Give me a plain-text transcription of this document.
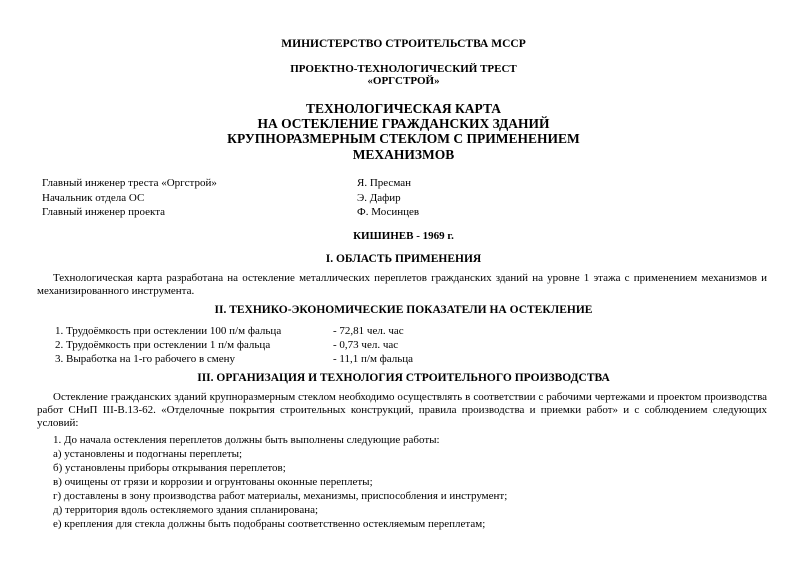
МИНИСТЕРСТВО СТРОИТЕЛЬСТВА МССР
ПРОЕКТНО-ТЕХНОЛОГИЧЕСКИЙ ТРЕСТ
«ОРГСТРОЙ»
ТЕХНОЛОГИЧЕСКАЯ КАРТА
НА ОСТЕКЛЕНИЕ ГРАЖДАНСКИХ ЗДАНИЙ
КРУПНОРАЗМЕРНЫМ СТЕКЛОМ С ПРИМЕНЕНИЕМ
МЕХАНИЗМОВ
Главный инженер треста «Оргстрой»	Я. Пресман
Начальник отдела ОС	Э. Дафир
Главный инженер проекта	Ф. Мосинцев
КИШИНЕВ - 1969 г.
I. ОБЛАСТЬ ПРИМЕНЕНИЯ
Технологическая карта разработана на остекление металлических переплетов гражданских зданий на уровне 1 этажа с применением механизмов и механизированного инструмента.
II. ТЕХНИКО-ЭКОНОМИЧЕСКИЕ ПОКАЗАТЕЛИ НА ОСТЕКЛЕНИЕ
1. Трудоёмкость при остеклении 100 п/м фальца	- 72,81 чел. час
2. Трудоёмкость при остеклении 1 п/м фальца	- 0,73 чел. час
3. Выработка на 1-го рабочего в смену	- 11,1 п/м фальца
III. ОРГАНИЗАЦИЯ И ТЕХНОЛОГИЯ СТРОИТЕЛЬНОГО ПРОИЗВОДСТВА
Остекление гражданских зданий крупноразмерным стеклом необходимо осуществлять в соответствии с рабочими чертежами и проектом производства работ СНиП III-В.13-62. «Отделочные покрытия строительных конструкций, правила производства и приемки работ» и с соблюдением следующих условий:
1. До начала остекления переплетов должны быть выполнены следующие работы:
а) установлены и подогнаны переплеты;
б) установлены приборы открывания переплетов;
в) очищены от грязи и коррозии и огрунтованы оконные переплеты;
г) доставлены в зону производства работ материалы, механизмы, приспособления и инструмент;
д) территория вдоль остекляемого здания спланирована;
е) крепления для стекла должны быть подобраны соответственно остекляемым переплетам;
